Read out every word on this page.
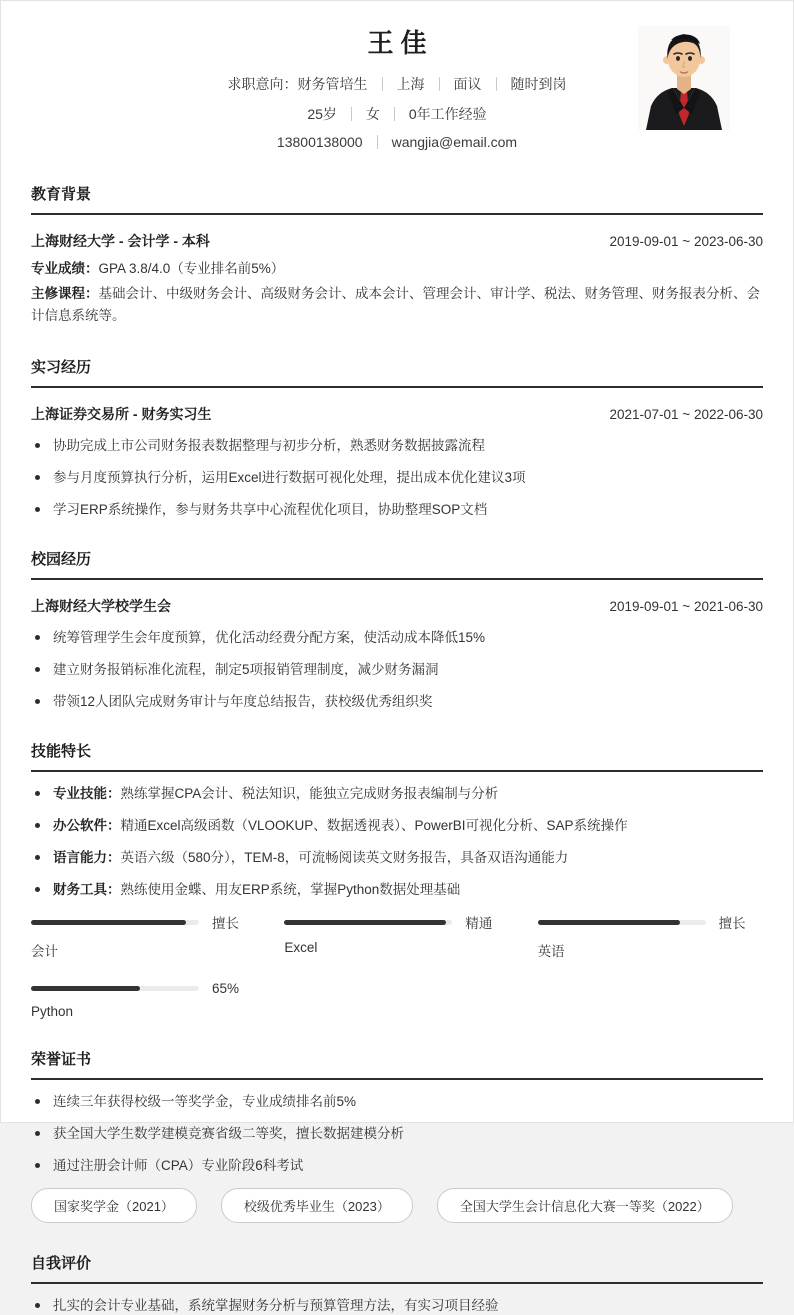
王佳
求职意向：财务管培生 上海 面议 随时到岗
25岁 女 0年工作经验
13800138000 wangjia@email.com
教育背景
上海财经大学 - 会计学 - 本科	2019-09-01 ~ 2023-06-30

专业成绩：GPA 3.8/4.0（专业排名前5%）

主修课程：基础会计、中级财务会计、高级财务会计、成本会计、管理会计、审计学、税法、财务管理、财务报表分析、会计信息系统等。

实习经历
上海证券交易所 - 财务实习生	2021-07-01 ~ 2022-06-30
协助完成上市公司财务报表数据整理与初步分析，熟悉财务数据披露流程
参与月度预算执行分析，运用Excel进行数据可视化处理，提出成本优化建议3项
学习ERP系统操作，参与财务共享中心流程优化项目，协助整理SOP文档
校园经历
上海财经大学校学生会	2019-09-01 ~ 2021-06-30
统筹管理学生会年度预算，优化活动经费分配方案，使活动成本降低15%
建立财务报销标准化流程，制定5项报销管理制度，减少财务漏洞
带领12人团队完成财务审计与年度总结报告，获校级优秀组织奖
技能特长
专业技能：熟练掌握CPA会计、税法知识，能独立完成财务报表编制与分析
办公软件：精通Excel高级函数（VLOOKUP、数据透视表）、PowerBI可视化分析、SAP系统操作
语言能力：英语六级（580分），TEM-8，可流畅阅读英文财务报告，具备双语沟通能力
财务工具：熟练使用金蝶、用友ERP系统，掌握Python数据处理基础
擅长
会计
精通
Excel
擅长
英语
65%
Python
荣誉证书
连续三年获得校级一等奖学金，专业成绩排名前5%
获全国大学生数学建模竞赛省级二等奖，擅长数据建模分析
通过注册会计师（CPA）专业阶段6科考试
国家奖学金（2021）	校级优秀毕业生（2023）	全国大学生会计信息化大赛一等奖（2022）
自我评价
扎实的会计专业基础，系统掌握财务分析与预算管理方法，有实习项目经验
